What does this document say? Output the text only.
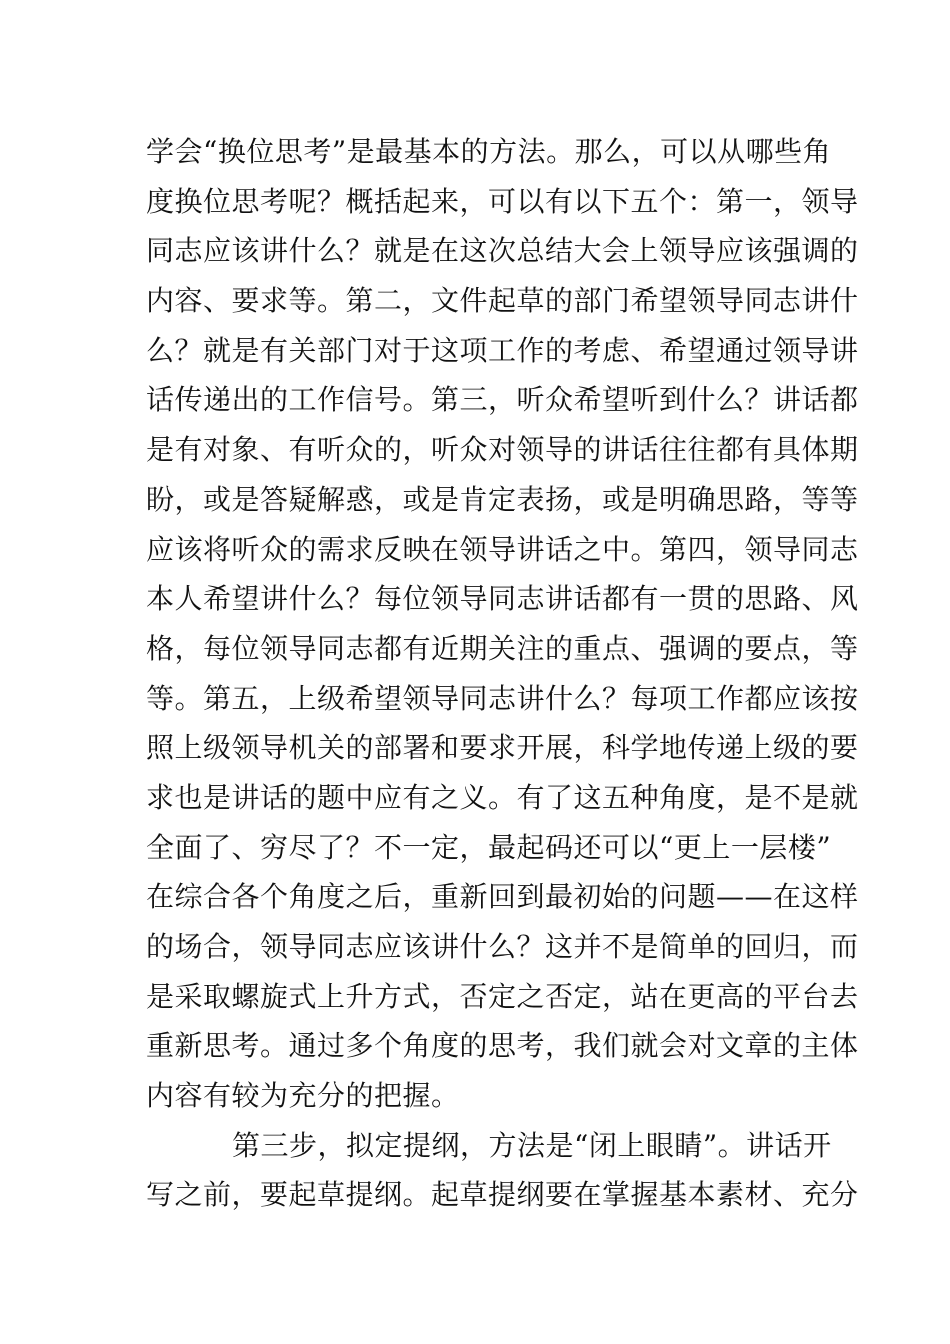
学会“换位思考”是最基本的方法。那么，可以从哪些角
度换位思考呢？概括起来，可以有以下五个：第一，领导
同志应该讲什么？就是在这次总结大会上领导应该强调的
内容、要求等。第二，文件起草的部门希望领导同志讲什
么？就是有关部门对于这项工作的考虑、希望通过领导讲
话传递出的工作信号。第三，听众希望听到什么？讲话都
是有对象、有听众的，听众对领导的讲话往往都有具体期
盼，或是答疑解惑，或是肯定表扬，或是明确思路，等等
应该将听众的需求反映在领导讲话之中。第四，领导同志
本人希望讲什么？每位领导同志讲话都有一贯的思路、风
格，每位领导同志都有近期关注的重点、强调的要点，等
等。第五，上级希望领导同志讲什么？每项工作都应该按
照上级领导机关的部署和要求开展，科学地传递上级的要
求也是讲话的题中应有之义。有了这五种角度，是不是就
全面了、穷尽了？不一定，最起码还可以“更上一层楼”
在综合各个角度之后，重新回到最初始的问题——在这样
的场合，领导同志应该讲什么？这并不是简单的回归，而
是采取螺旋式上升方式，否定之否定，站在更高的平台去
重新思考。通过多个角度的思考，我们就会对文章的主体
内容有较为充分的把握。
第三步，拟定提纲，方法是“闭上眼睛”。讲话开
写之前，要起草提纲。起草提纲要在掌握基本素材、充分
